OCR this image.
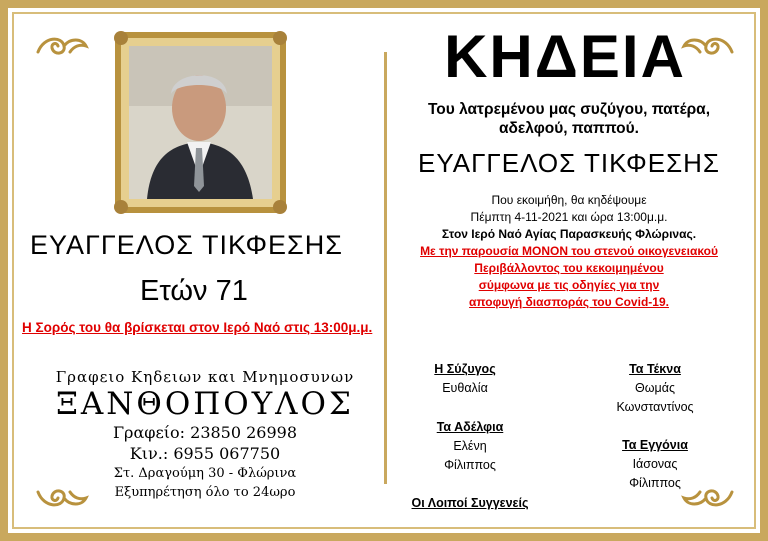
ΕΥΑΓΓΕΛΟΣ ΤΙΚΦΕΣΗΣ
Ετών 71
Η Σορός του θα βρίσκεται στον Ιερό Ναό στις 13:00μ.μ.
Γραφειο Κηδειων και Μνημοσυνων
ΞΑΝΘΟΠΟΥΛΟΣ
Γραφείο: 23850 26998
Κιν.: 6955 067750
Στ. Δραγούμη 30 - Φλώρινα
Εξυπηρέτηση όλο το 24ωρο
ΚΗΔΕΙΑ
Του λατρεμένου μας συζύγου, πατέρα,
αδελφού, παππού.
ΕΥΑΓΓΕΛΟΣ ΤΙΚΦΕΣΗΣ
Που εκοιμήθη, θα κηδέψουμε
Πέμπτη 4-11-2021 και ώρα 13:00μ.μ.
Στον Ιερό Ναό Αγίας Παρασκευής Φλώρινας.
Με την παρουσία ΜΟΝΟΝ του στενού οικογενειακού
Περιβάλλοντος του κεκοιμημένου
σύμφωνα με τις οδηγίες για την
αποφυγή διασποράς του Covid-19.
Η Σύζυγος
Ευθαλία
Τα Τέκνα
Θωμάς
Κωνσταντίνος
Τα Αδέλφια
Ελένη
Φίλιππος
Τα Εγγόνια
Ιάσονας
Φίλιππος
Οι Λοιποί Συγγενείς
